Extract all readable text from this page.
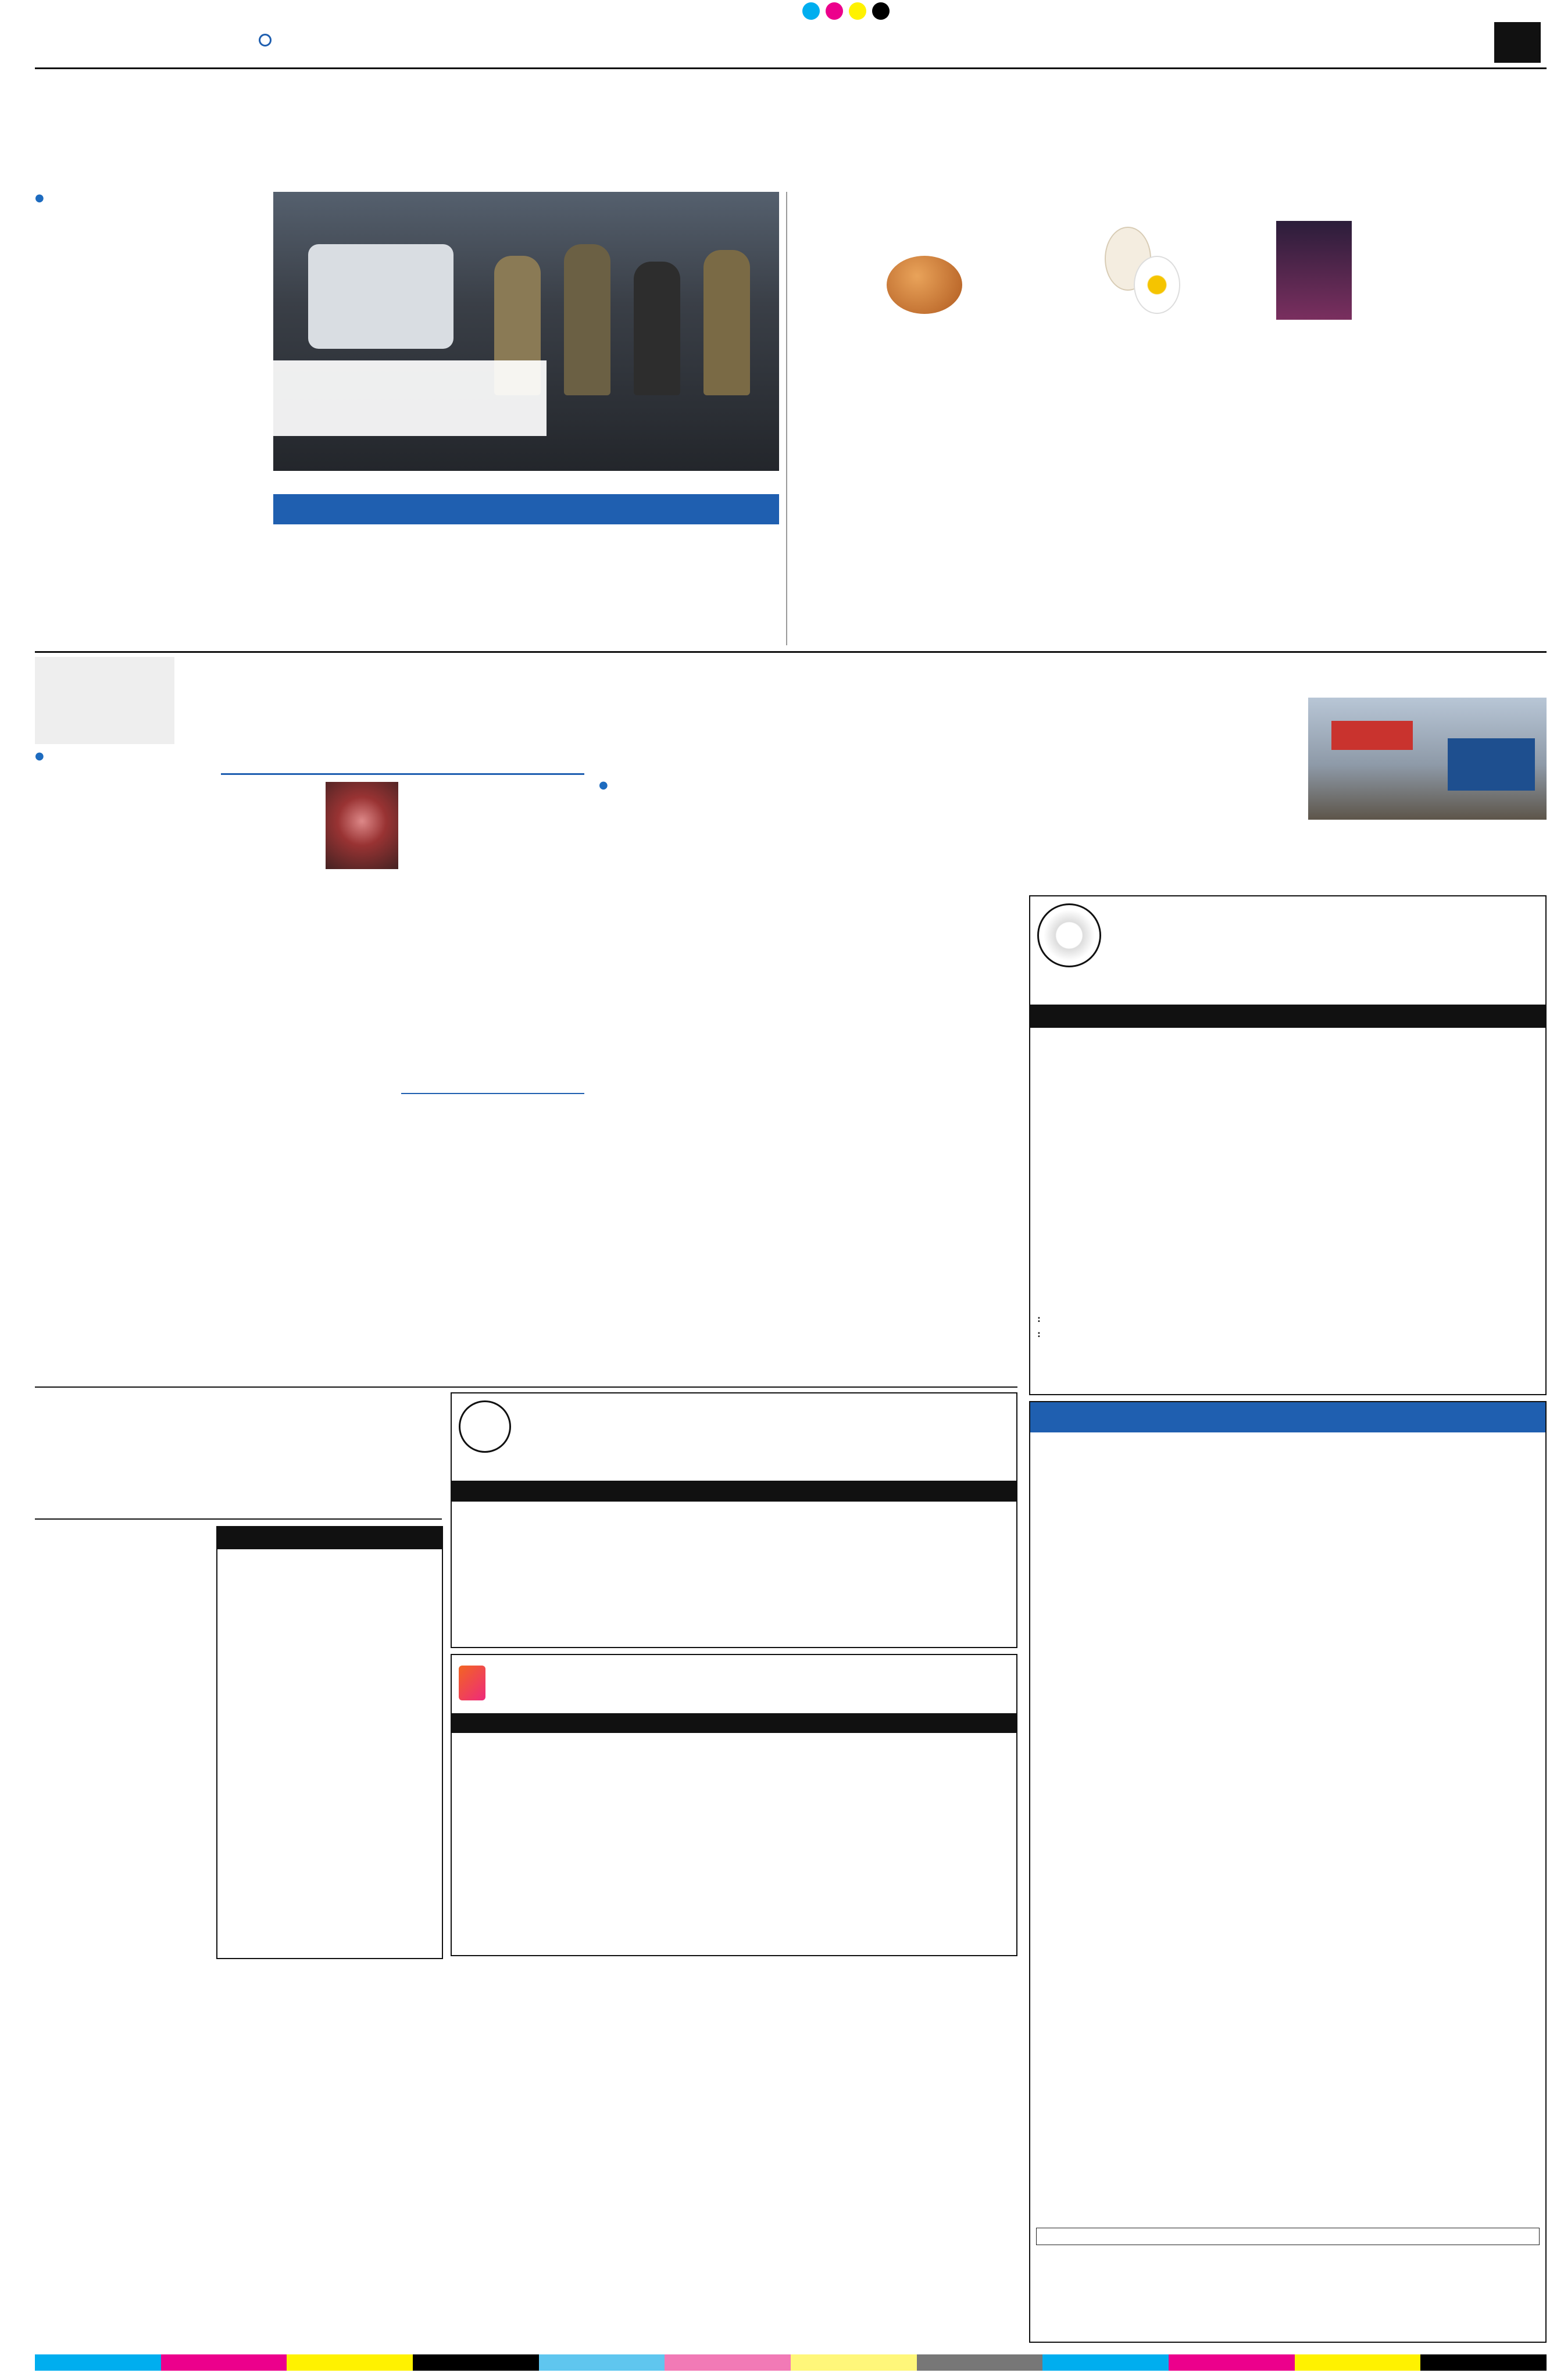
●
●
●
:
:
